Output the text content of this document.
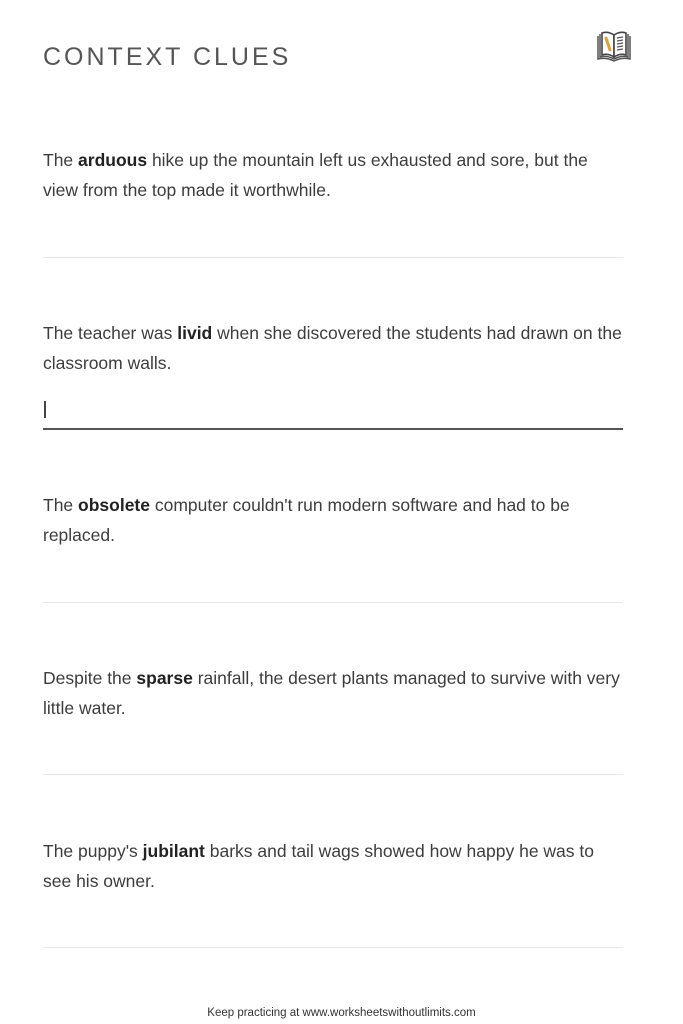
CONTEXT CLUES

The arduous hike up the mountain left us exhausted and sore, but the view from the top made it worthwhile.

The teacher was livid when she discovered the students had drawn on the classroom walls.

The obsolete computer couldn't run modern software and had to be replaced.

Despite the sparse rainfall, the desert plants managed to survive with very little water.

The puppy's jubilant barks and tail wags showed how happy he was to see his owner.

Keep practicing at www.worksheetswithoutlimits.com
